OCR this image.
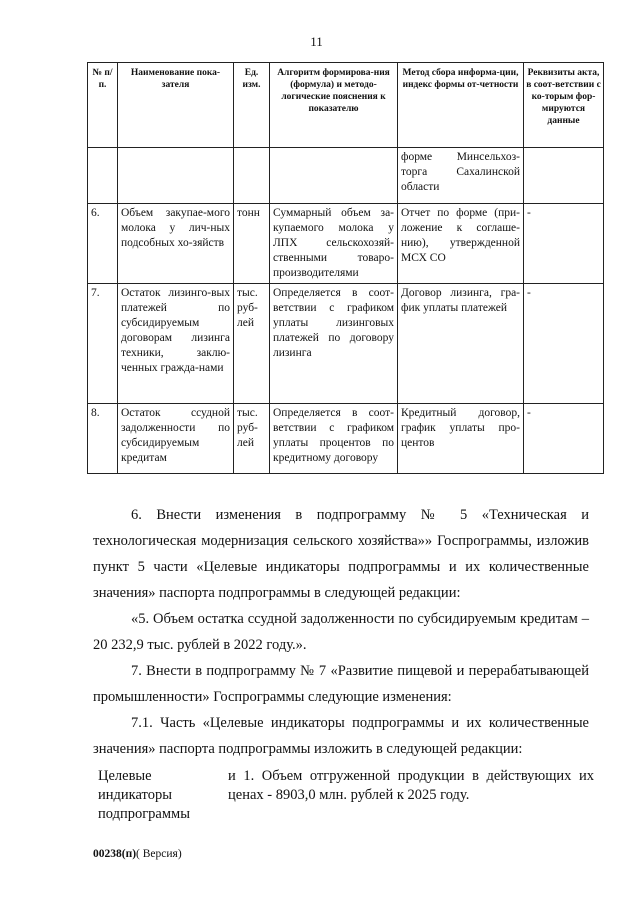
11
№ п/п.	Наименование пока-зателя	Ед. изм.	Алгоритм формирова-ния (формула) и методо-логические пояснения к показателю	Метод сбора информа-ции, индекс формы от-четности	Реквизиты акта, в соот-ветствии с ко-торым фор-мируются данные
				форме Минсельхоз-торга Сахалинской области	
6.	Объем закупае-мого молока у лич-ных подсобных хо-зяйств	тонн	Суммарный объем за-купаемого молока у ЛПХ сельскохозяй-ственными товаро-производителями	Отчет по форме (при-ложение к соглаше-нию), утвержденной МСХ СО	-
7.	Остаток лизинго-вых платежей по субсидируемым договорам лизинга техники, заклю-ченных гражда-нами	тыс. руб-лей	Определяется в соот-ветствии с графиком уплаты лизинговых платежей по договору лизинга	Договор лизинга, гра-фик уплаты платежей	-
8.	Остаток ссудной задолженности по субсидируемым кредитам	тыс. руб-лей	Определяется в соот-ветствии с графиком уплаты процентов по кредитному договору	Кредитный договор, график уплаты про-центов	-

6. Внести изменения в подпрограмму № 5 «Техническая и технологическая модернизация сельского хозяйства»» Госпрограммы, изложив пункт 5 части «Целевые индикаторы подпрограммы и их количественные значения» паспорта подпрограммы в следующей редакции:

«5. Объем остатка ссудной задолженности по субсидируемым кредитам – 20 232,9 тыс. рублей в 2022 году.».

7. Внести в подпрограмму № 7 «Развитие пищевой и перерабатывающей промышленности» Госпрограммы следующие изменения:

7.1. Часть «Целевые индикаторы подпрограммы и их количественные значения» паспорта подпрограммы изложить в следующей редакции:

Целевые индикаторы подпрограммы
и 1. Объем отгруженной продукции в действующих их ценах - 8903,0 млн. рублей к 2025 году.
00238(п)( Версия)
